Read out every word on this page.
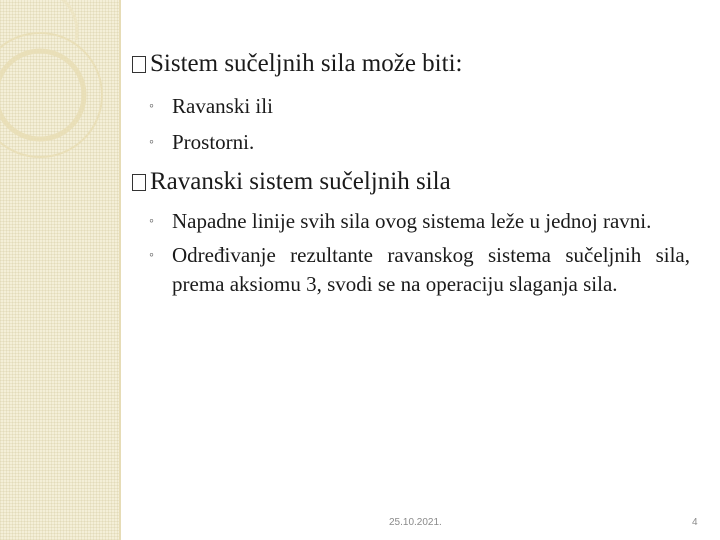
Sistem sučeljnih sila može biti:
◦ Ravanski ili
◦ Prostorni.
Ravanski sistem sučeljnih sila
◦ Napadne linije svih sila ovog sistema leže u jednoj ravni.
◦ Određivanje rezultante ravanskog sistema sučeljnih sila, prema aksiomu 3, svodi se na operaciju slaganja sila.
25.10.2021.	4
